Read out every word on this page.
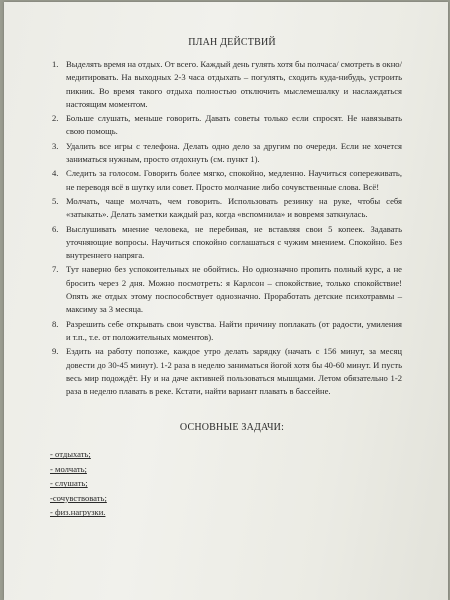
ПЛАН ДЕЙСТВИЙ
1. Выделять время на отдых. От всего. Каждый день гулять хотя бы полчаса/ смотреть в окно/ медитировать. На выходных 2-3 часа отдыхать – погулять, сходить куда-нибудь, устроить пикник. Во время такого отдыха полностью отключить мыслемешалку и наслаждаться настоящим моментом.
2. Больше слушать, меньше говорить. Давать советы только если спросят. Не навязывать свою помощь.
3. Удалить все игры с телефона. Делать одно дело за другим по очереди. Если не хочется заниматься нужным, просто отдохнуть (см. пункт 1).
4. Следить за голосом. Говорить более мягко, спокойно, медленно. Научиться сопереживать, не переводя всё в шутку или совет. Просто молчание либо сочувственные слова. Всё!
5. Молчать, чаще молчать, чем говорить. Использовать резинку на руке, чтобы себя «затыкать». Делать заметки каждый раз, когда «вспомнила» и вовремя заткнулась.
6. Выслушивать мнение человека, не перебивая, не вставляя свои 5 копеек. Задавать уточняющие вопросы. Научиться спокойно соглашаться с чужим мнением. Спокойно. Без внутреннего напряга.
7. Тут наверно без успокоительных не обойтись. Но однозначно пропить полный курс, а не бросить через 2 дня. Можно посмотреть: я Карлсон – спокойствие, только спокойствие! Опять же отдых этому поспособствует однозначно. Проработать детские психотравмы – максиму за 3 месяца.
8. Разрешить себе открывать свои чувства. Найти причину поплакать (от радости, умиления и т.п., т.е. от положительных моментов).
9. Ездить на работу попозже, каждое утро делать зарядку (начать с 156 минут, за месяц довести до 30-45 минут). 1-2 раза в неделю заниматься йогой хотя бы 40-60 минут. И пусть весь мир подождёт. Ну и на даче активней пользоваться мышцами. Летом обязательно 1-2 раза в неделю плавать в реке. Кстати, найти вариант плавать в бассейне.
ОСНОВНЫЕ ЗАДАЧИ:
- отдыхать;
- молчать;
- слушать;
-сочувствовать;
- физ.нагрузки.
